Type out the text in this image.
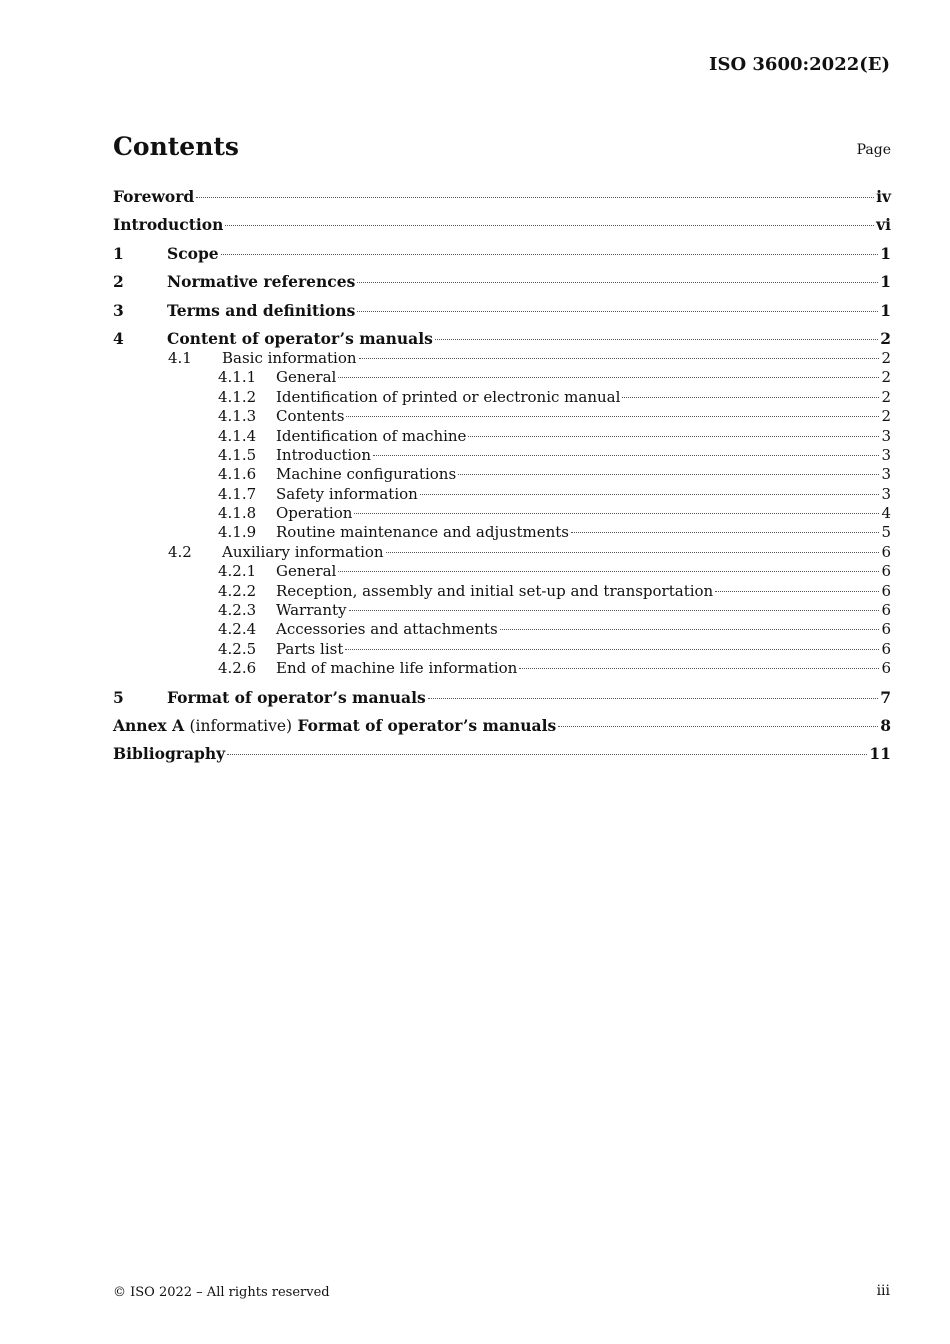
ISO 3600:2022(E)
Contents	Page
Foreword	iv
Introduction	vi
1	Scope	1
2	Normative references	1
3	Terms and definitions	1
4	Content of operator’s manuals	2
4.1 Basic information	2
4.1.1 General	2
4.1.2 Identification of printed or electronic manual	2
4.1.3 Contents	2
4.1.4 Identification of machine	3
4.1.5 Introduction	3
4.1.6 Machine configurations	3
4.1.7 Safety information	3
4.1.8 Operation	4
4.1.9 Routine maintenance and adjustments	5
4.2 Auxiliary information	6
4.2.1 General	6
4.2.2 Reception, assembly and initial set-up and transportation	6
4.2.3 Warranty	6
4.2.4 Accessories and attachments	6
4.2.5 Parts list	6
4.2.6 End of machine life information	6
5	Format of operator’s manuals	7
Annex A (informative) Format of operator’s manuals	8
Bibliography	11
© ISO 2022 – All rights reserved	iii
